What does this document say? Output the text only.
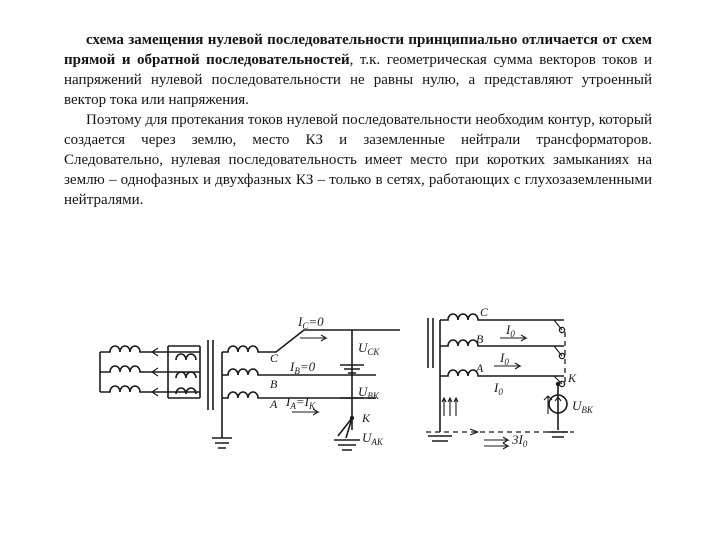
схема замещения нулевой последовательности принципиально отличается от схем прямой и обратной последовательностей, т.к. геометрическая сумма векторов токов и напряжений нулевой последовательности не равны нулю, а представляют утроенный вектор тока или напряжения.

Поэтому для протекания токов нулевой последовательности необходим контур, который создается через землю, место КЗ и заземленные нейтрали трансформаторов. Следовательно, нулевая последовательность имеет место при коротких замыканиях на землю – однофазных и двухфазных КЗ – только в сетях, работающих с глухозаземленными нейтралями.

C
B
A
$I_C=0$
$I_B=0$
$I_A=I_K$
$U_{CK}$
$U_{BK}$
K
$U_{AK}$
C
B
A
$I_0$
$I_0$
$I_0$
K
$U_{BK}$
$3I_0$
